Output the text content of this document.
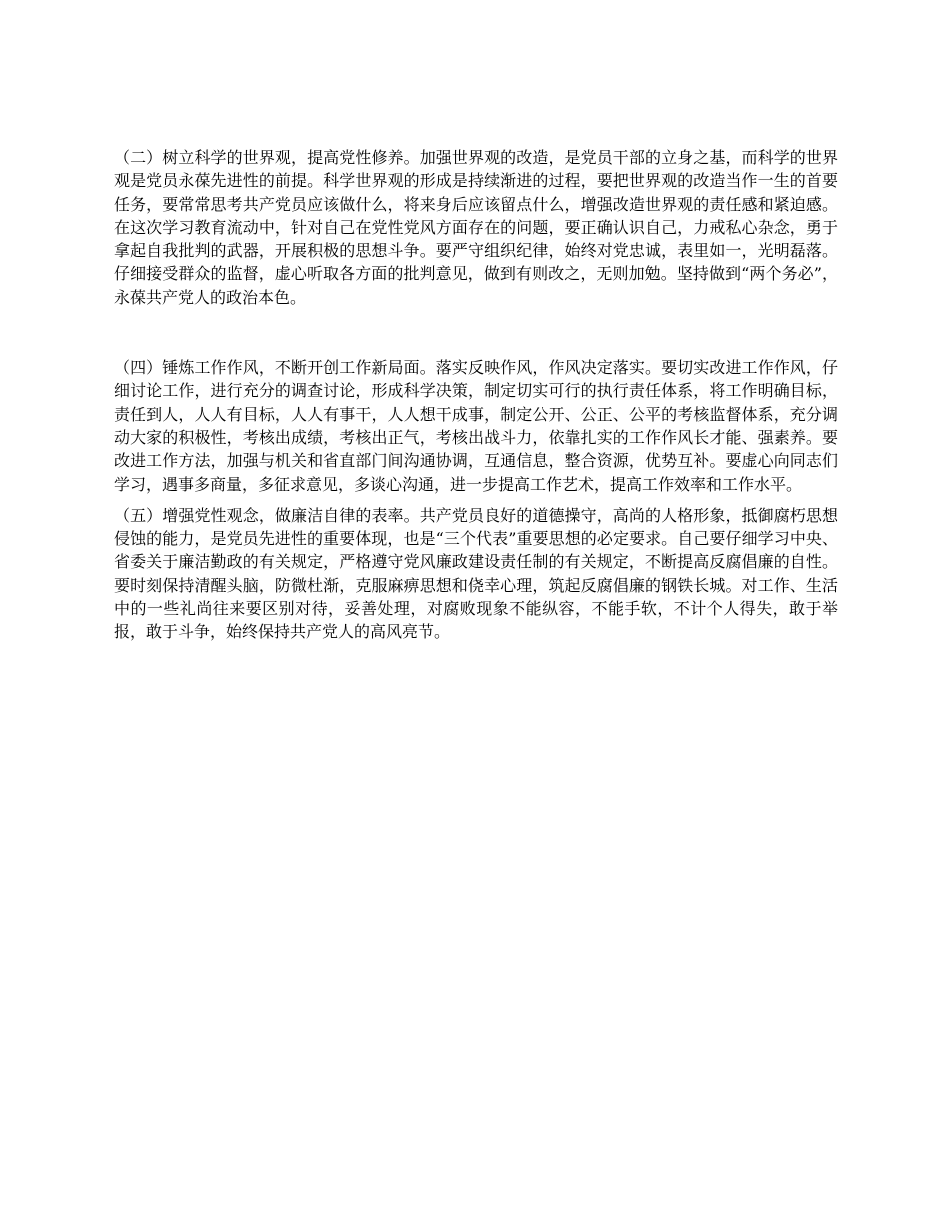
（二）树立科学的世界观，提高党性修养。加强世界观的改造，是党员干部的立身之基，而科学的世界观是党员永葆先进性的前提。科学世界观的形成是持续渐进的过程，要把世界观的改造当作一生的首要任务，要常常思考共产党员应该做什么，将来身后应该留点什么，增强改造世界观的责任感和紧迫感。在这次学习教育流动中，针对自己在党性党风方面存在的问题，要正确认识自己，力戒私心杂念，勇于拿起自我批判的武器，开展积极的思想斗争。要严守组织纪律，始终对党忠诚，表里如一，光明磊落。仔细接受群众的监督，虚心听取各方面的批判意见，做到有则改之，无则加勉。坚持做到“两个务必”，永葆共产党人的政治本色。

（四）锤炼工作作风，不断开创工作新局面。落实反映作风，作风决定落实。要切实改进工作作风，仔细讨论工作，进行充分的调查讨论，形成科学决策，制定切实可行的执行责任体系，将工作明确目标，责任到人，人人有目标，人人有事干，人人想干成事，制定公开、公正、公平的考核监督体系，充分调动大家的积极性，考核出成绩，考核出正气，考核出战斗力，依靠扎实的工作作风长才能、强素养。要改进工作方法，加强与机关和省直部门间沟通协调，互通信息，整合资源，优势互补。要虚心向同志们学习，遇事多商量，多征求意见，多谈心沟通，进一步提高工作艺术，提高工作效率和工作水平。

（五）增强党性观念，做廉洁自律的表率。共产党员良好的道德操守，高尚的人格形象，抵御腐朽思想侵蚀的能力，是党员先进性的重要体现，也是“三个代表”重要思想的必定要求。自己要仔细学习中央、省委关于廉洁勤政的有关规定，严格遵守党风廉政建设责任制的有关规定，不断提高反腐倡廉的自性。要时刻保持清醒头脑，防微杜渐，克服麻痹思想和侥幸心理，筑起反腐倡廉的钢铁长城。对工作、生活中的一些礼尚往来要区别对待，妥善处理，对腐败现象不能纵容，不能手软，不计个人得失，敢于举报，敢于斗争，始终保持共产党人的高风亮节。
